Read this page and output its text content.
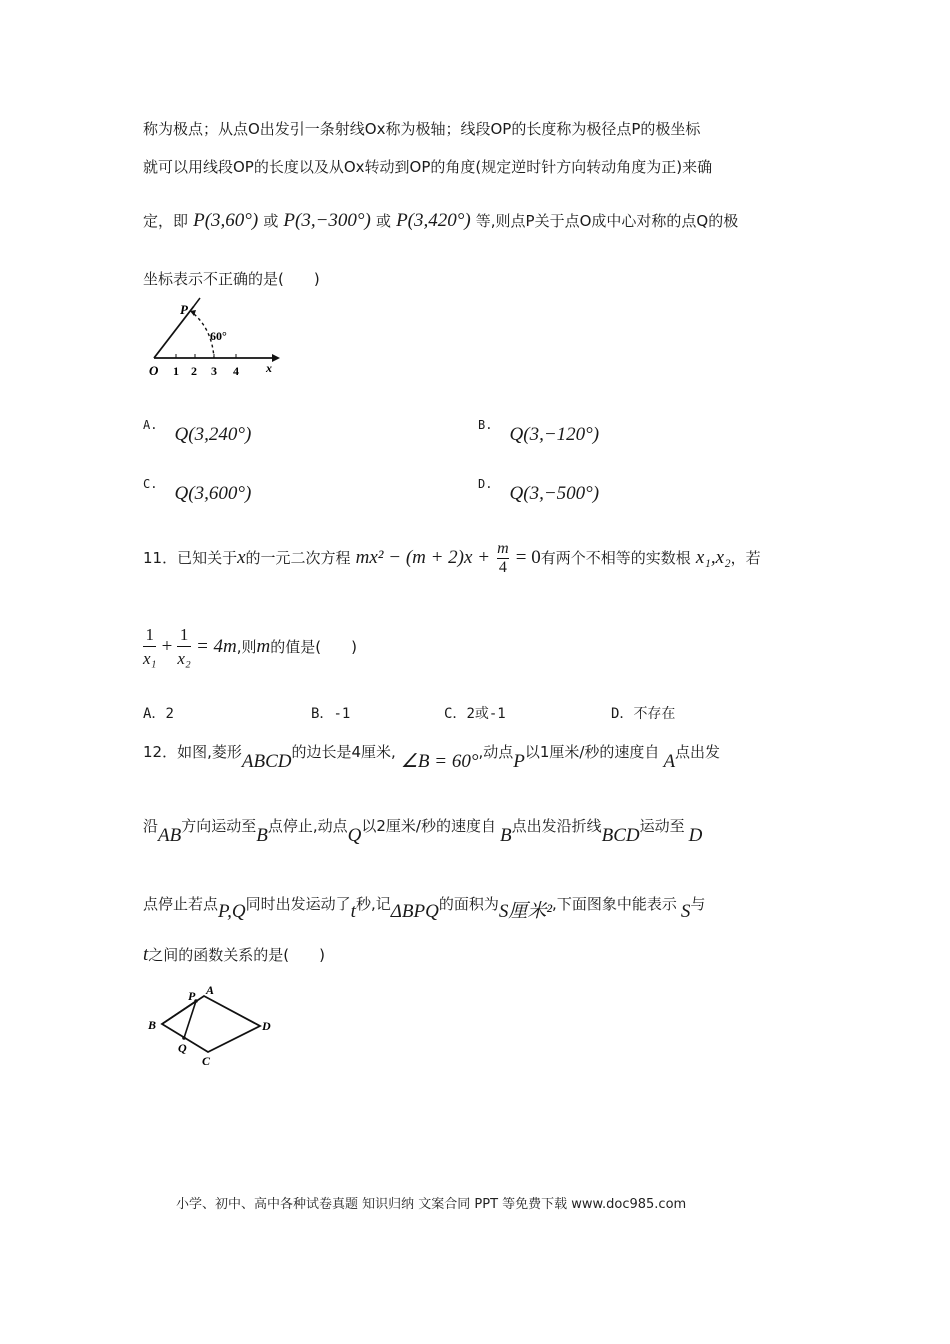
称为极点；从点O出发引一条射线Ox称为极轴；线段OP的长度称为极径点P的极坐标
就可以用线段OP的长度以及从Ox转动到OP的角度(规定逆时针方向转动角度为正)来确
定，即 P(3,60°) 或 P(3,−300°) 或 P(3,420°) 等,则点P关于点O成中心对称的点Q的极
坐标表示不正确的是(　　)
O
P
60°
1 2 3 4 x
$^{A.}$ Q(3,240°)	$^{B.}$ Q(3,−120°)
$^{C.}$ Q(3,600°)	$^{D.}$ Q(3,−500°)
11．已知关于x的一元二次方程 $mx^2 - (m + 2)x + \frac{m}{4} = 0$有两个不相等的实数根 x₁,x₂，若
$\frac{1}{\text{x₁}} + \frac{1}{\text{x₂}} = 4m$,则m的值是(　　)
A．2	B．-1	C．2或-1	D．不存在
12．如图,菱形ABCD的边长是4厘米, ∠B = 60°,动点P以1厘米/秒的速度自 A点出发
沿AB方向运动至B点停止,动点Q以2厘米/秒的速度自 B点出发沿折线BCD运动至 D
点停止若点P,Q同时出发运动了t秒,记ΔBPQ的面积为S厘米²,下面图象中能表示 S与
t之间的函数关系的是(　　)
A
B
C
D
P
Q
小学、初中、高中各种试卷真题 知识归纳 文案合同 PPT 等免费下载 www.doc985.com
